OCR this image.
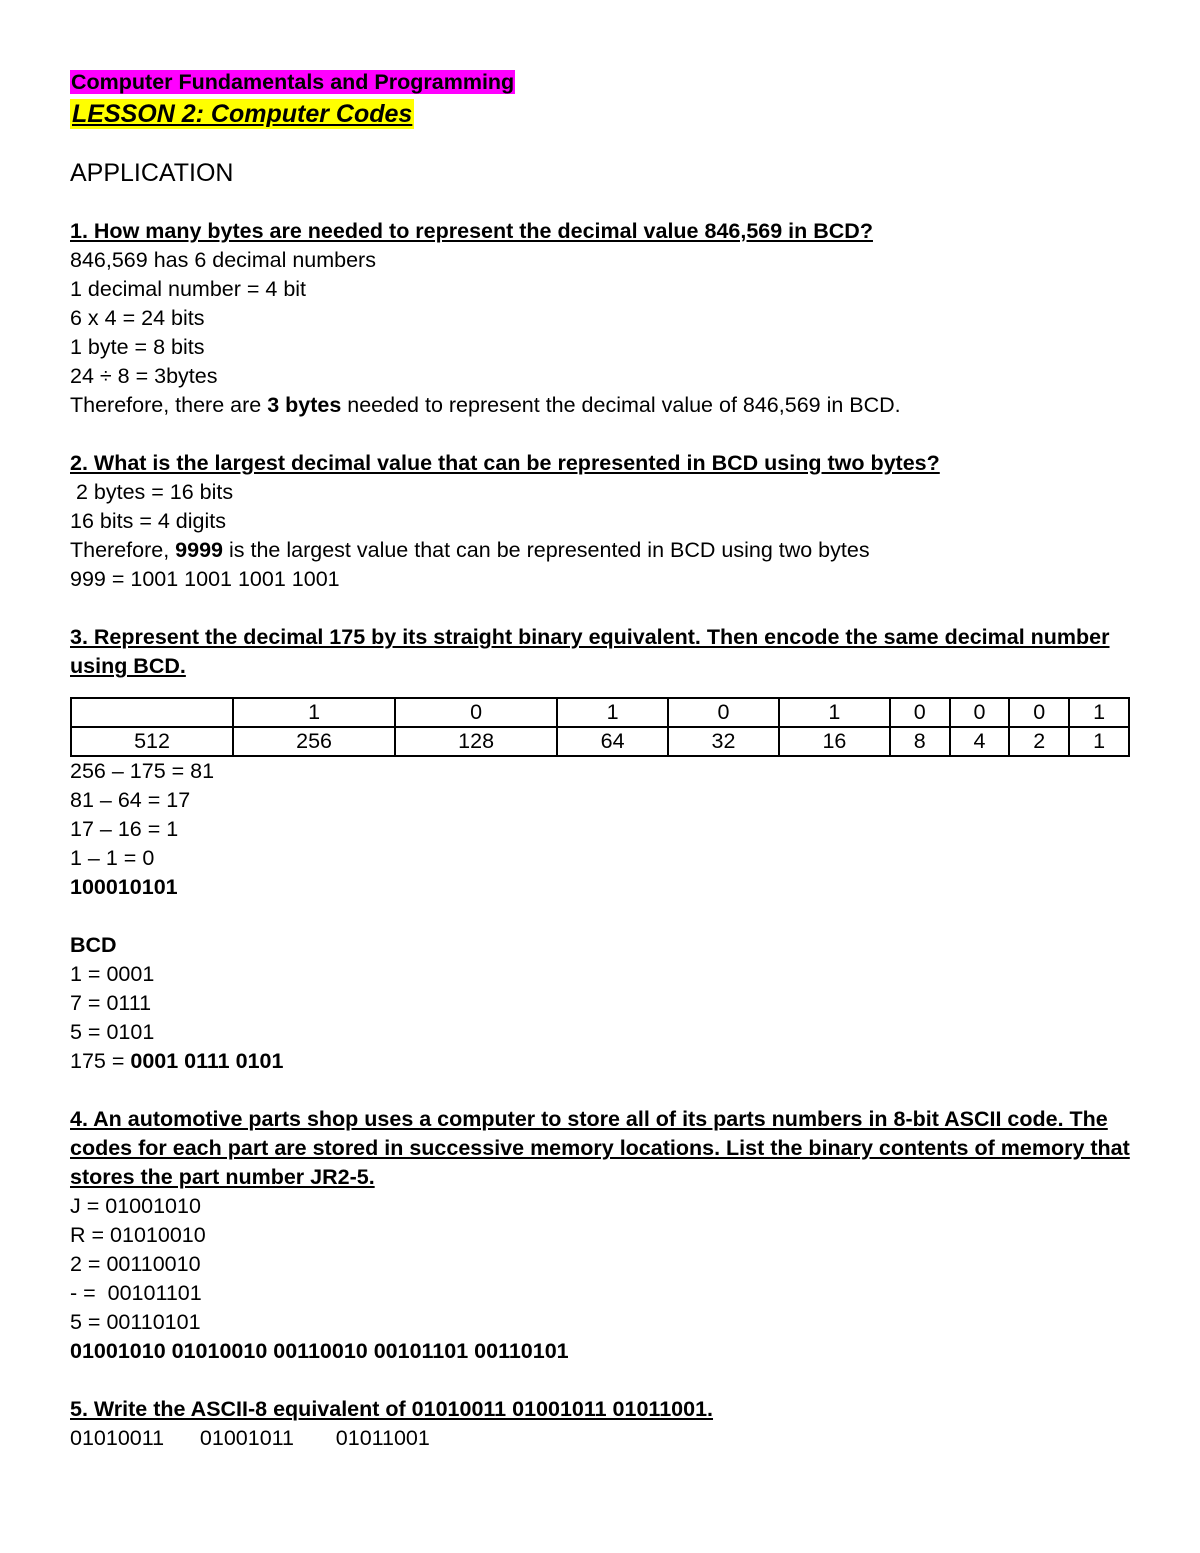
Computer Fundamentals and Programming
LESSON 2: Computer Codes
APPLICATION
1. How many bytes are needed to represent the decimal value 846,569 in BCD?
846,569 has 6 decimal numbers
1 decimal number = 4 bit
6 x 4 = 24 bits
1 byte = 8 bits
24 ÷ 8 = 3bytes
Therefore, there are 3 bytes needed to represent the decimal value of 846,569 in BCD.
2. What is the largest decimal value that can be represented in BCD using two bytes?
2 bytes = 16 bits
16 bits = 4 digits
Therefore, 9999 is the largest value that can be represented in BCD using two bytes
999 = 1001 1001 1001 1001
3. Represent the decimal 175 by its straight binary equivalent. Then encode the same decimal number using BCD.
	1	0	1	0	1	0	0	0	1
512	256	128	64	32	16	8	4	2	1
256 – 175 = 81
81 – 64 = 17
17 – 16 = 1
1 – 1 = 0
100010101
BCD
1 = 0001
7 = 0111
5 = 0101
175 = 0001 0111 0101
4. An automotive parts shop uses a computer to store all of its parts numbers in 8-bit ASCII code. The codes for each part are stored in successive memory locations. List the binary contents of memory that stores the part number JR2-5.
J = 01001010
R = 01010010
2 = 00110010
- =  00101101
5 = 00110101
01001010 01010010 00110010 00101101 00110101
5. Write the ASCII-8 equivalent of 01010011 01001011 01011001.
01010011      01001011       01011001
